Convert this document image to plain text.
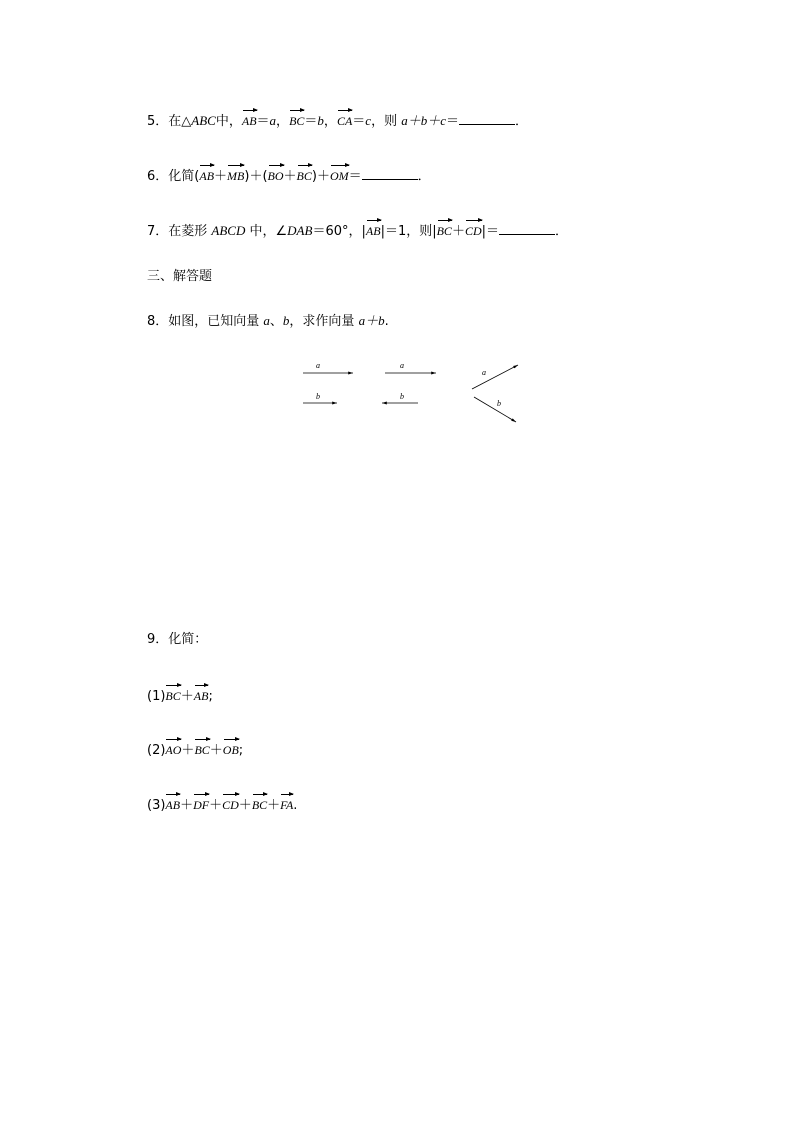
5．在△ABC中，AB＝a，BC＝b，CA＝c，则 a＋b＋c＝	．
6．化简(AB＋MB)＋(BO＋BC)＋OM＝	．
7．在菱形 ABCD 中，∠DAB＝60°，|AB|＝1，则|BC＋CD|＝	．
三、解答题
8．如图，已知向量 a、b，求作向量 a＋b.
a
b
a
b
a
b
9．化简：
(1)BC＋AB;
(2)AO＋BC＋OB;
(3)AB＋DF＋CD＋BC＋FA.
